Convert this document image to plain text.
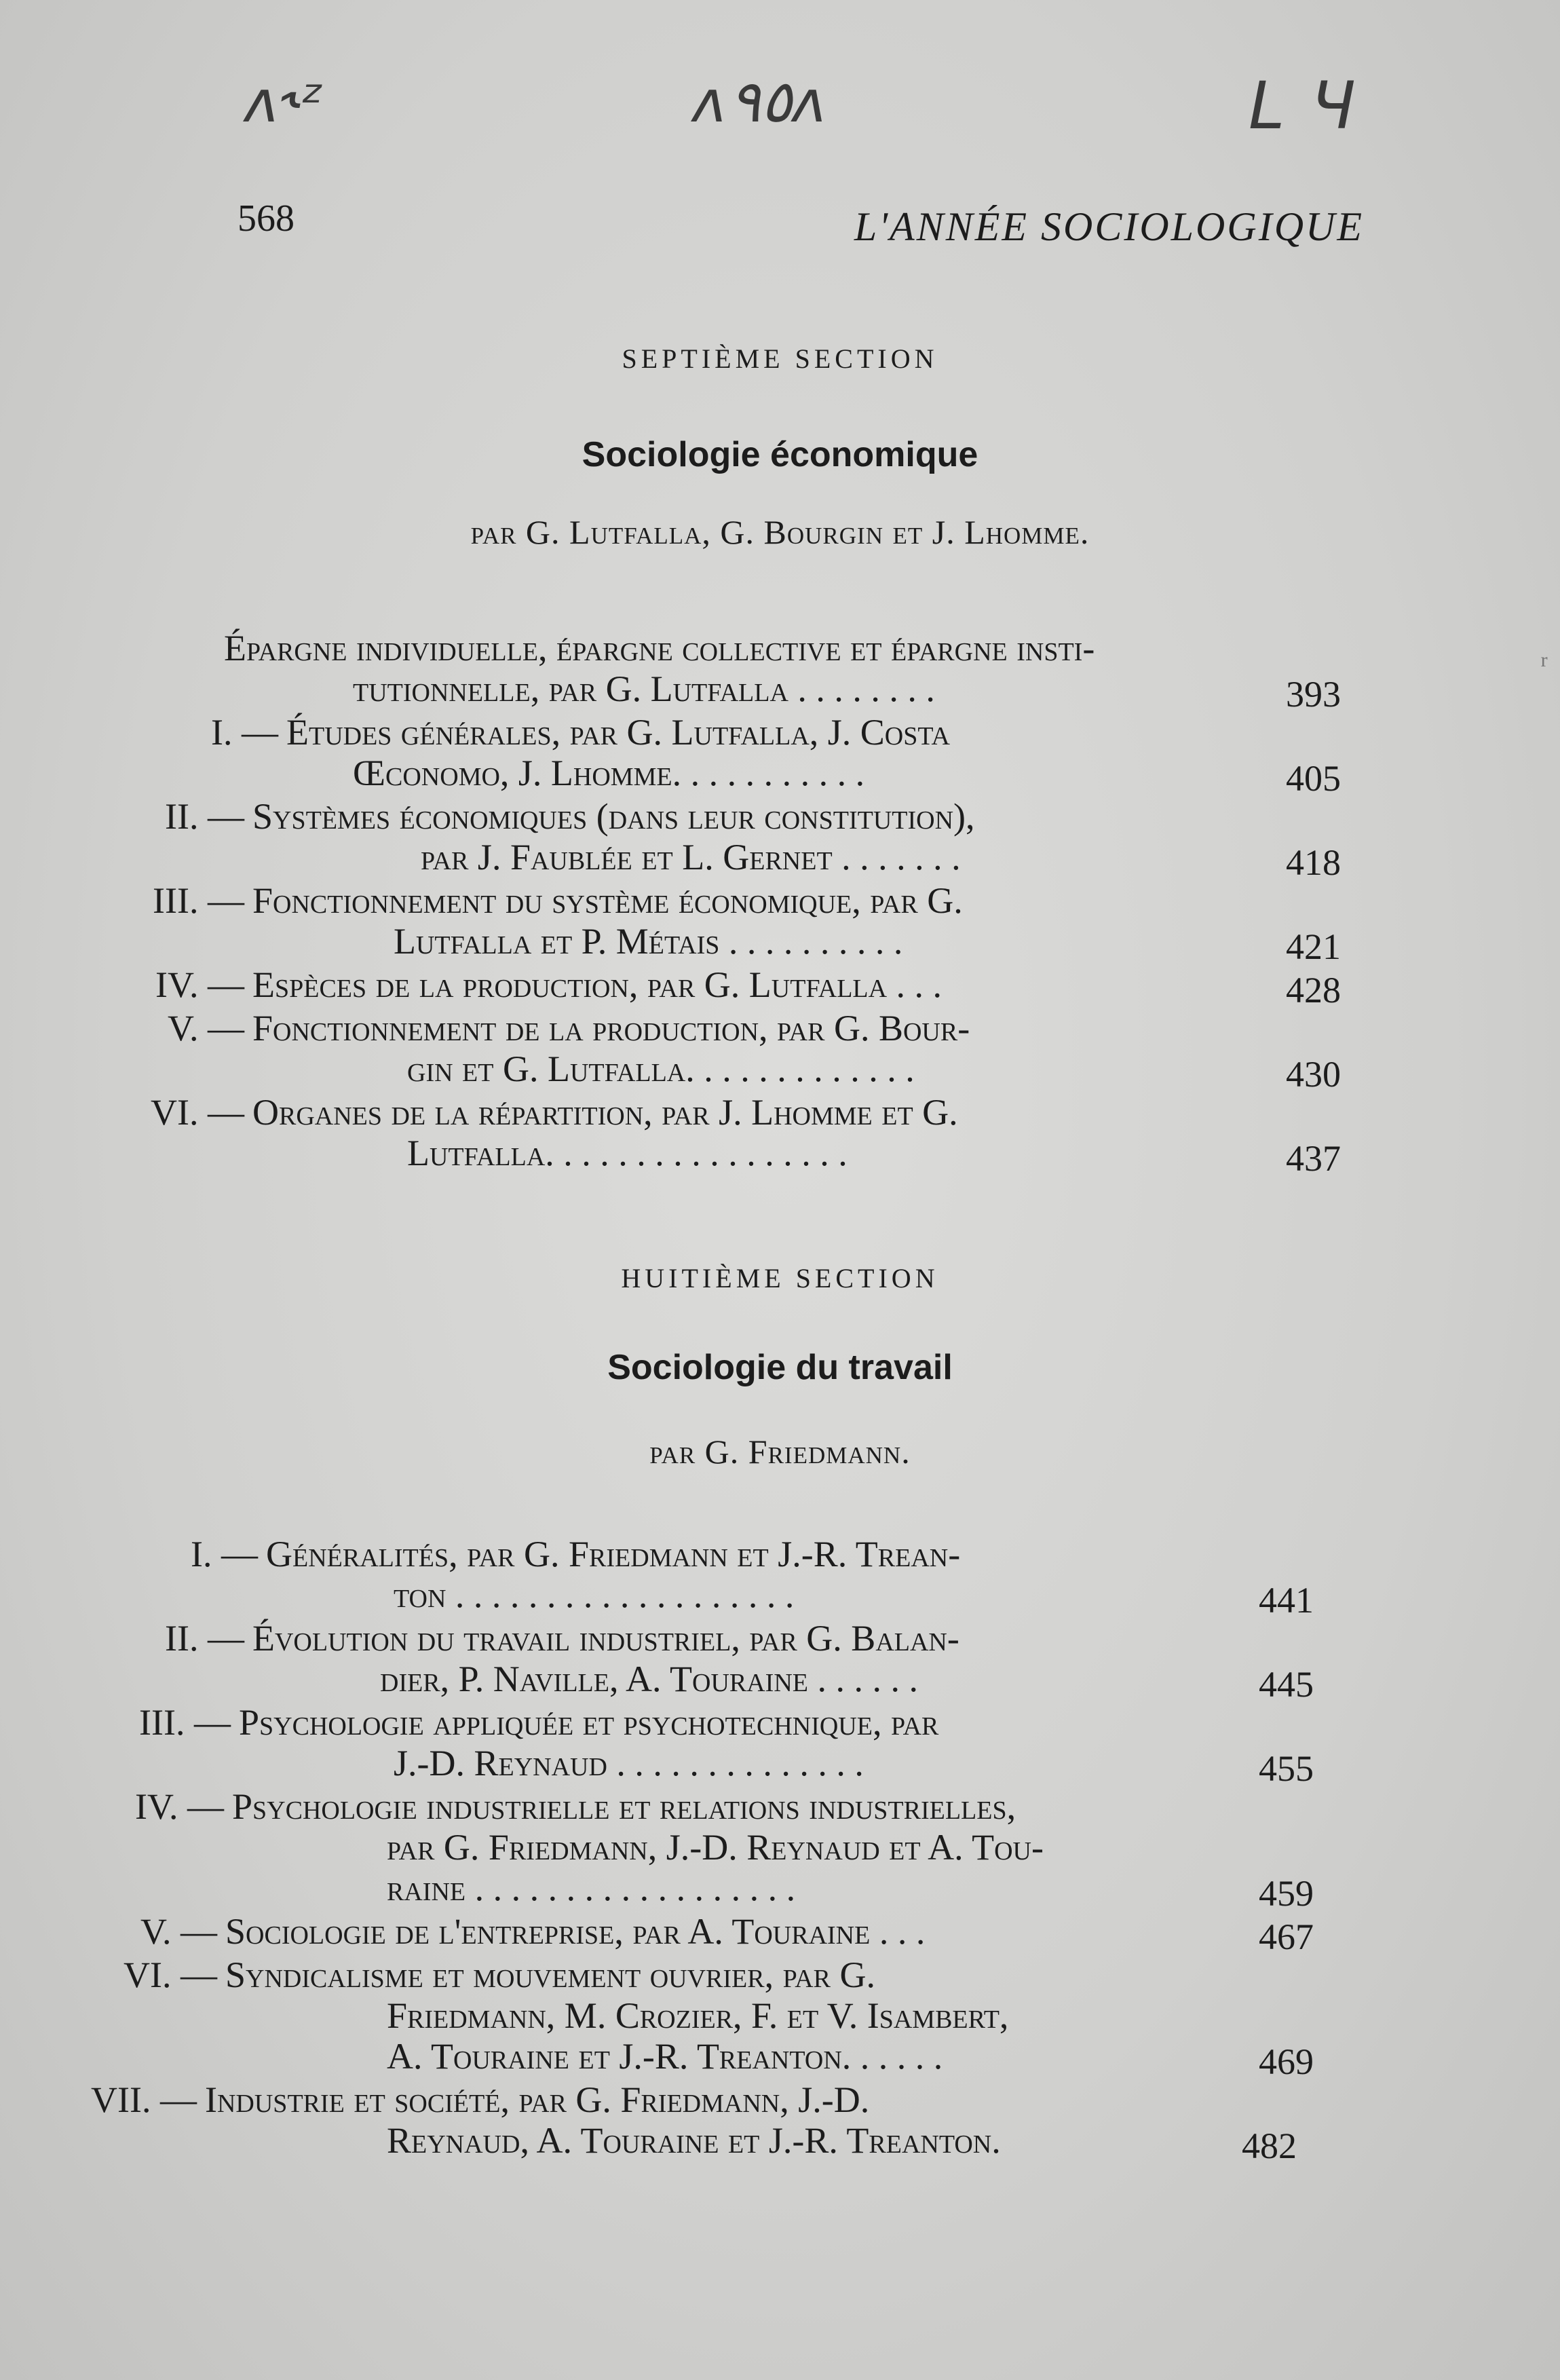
ᴧ˞ᶻ	ᴧ٩٥ᴧ	L Ч
568	L'ANNÉE SOCIOLOGIQUE
SEPTIÈME SECTION
Sociologie économique
par G. Lutfalla, G. Bourgin et J. Lhomme.
Épargne individuelle, épargne collective et épargne insti-
tutionnelle, par G. Lutfalla . . . . . . . .	393
I. — Études générales, par G. Lutfalla, J. Costa
Œconomo, J. Lhomme. . . . . . . . . . .	405
II. — Systèmes économiques (dans leur constitution),
par J. Faublée et L. Gernet . . . . . . .	418
III. — Fonctionnement du système économique, par G.
Lutfalla et P. Métais . . . . . . . . . .	421
IV. — Espèces de la production, par G. Lutfalla . . .	428
V. — Fonctionnement de la production, par G. Bour-
gin et G. Lutfalla. . . . . . . . . . . . .	430
VI. — Organes de la répartition, par J. Lhomme et G.
Lutfalla. . . . . . . . . . . . . . . . .	437
HUITIÈME SECTION
Sociologie du travail
par G. Friedmann.
I. — Généralités, par G. Friedmann et J.-R. Trean-
ton . . . . . . . . . . . . . . . . . . .	441
II. — Évolution du travail industriel, par G. Balan-
dier, P. Naville, A. Touraine . . . . . .	445
III. — Psychologie appliquée et psychotechnique, par
J.-D. Reynaud . . . . . . . . . . . . . .	455
IV. — Psychologie industrielle et relations industrielles,
par G. Friedmann, J.-D. Reynaud et A. Tou-
raine . . . . . . . . . . . . . . . . . .	459
V. — Sociologie de l'entreprise, par A. Touraine . . .	467
VI. — Syndicalisme et mouvement ouvrier, par G.
Friedmann, M. Crozier, F. et V. Isambert,
A. Touraine et J.-R. Treanton. . . . . .	469
VII. — Industrie et société, par G. Friedmann, J.-D.
Reynaud, A. Touraine et J.-R. Treanton.	482
ʳ
